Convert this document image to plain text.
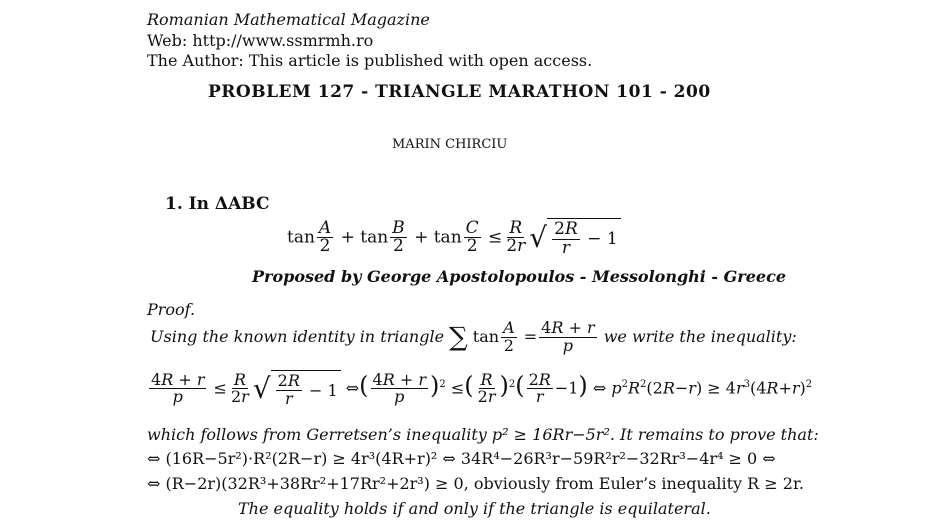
Romanian Mathematical Magazine
Web: http://www.ssmrmh.ro
The Author: This article is published with open access.
PROBLEM 127 - TRIANGLE MARATHON 101 - 200
MARIN CHIRCIU
1. In ΔABC
$\tan \frac{A}{2} + \tan \frac{B}{2} + \tan \frac{C}{2} \le \frac{R}{2r}$ √ $\frac{2R}{r} - 1$
Proposed by George Apostolopoulos - Messolonghi - Greece
Proof.
Using the known identity in triangle ∑ $\tan \frac{A}{2} = \frac{4R + r}{p}$ we write the inequality:
$\frac{4R + r}{p} \le \frac{R}{2r}$ √ $\frac{2R}{r} - 1$ ⇔( $\frac{4R + r}{p} )^2$ ≤( $\frac{R}{2r} )^2( \frac{2R}{r} -1)$ ⇔ $p^2R^2(2R-r) \ge 4r^3(4R+r)^2$
which follows from Gerretsen’s inequality p² ≥ 16Rr−5r². It remains to prove that:
⇔ (16R−5r²)·R²(2R−r) ≥ 4r³(4R+r)² ⇔ 34R⁴−26R³r−59R²r²−32Rr³−4r⁴ ≥ 0 ⇔
⇔ (R−2r)(32R³+38Rr²+17Rr²+2r³) ≥ 0, obviously from Euler’s inequality R ≥ 2r.
The equality holds if and only if the triangle is equilateral.
